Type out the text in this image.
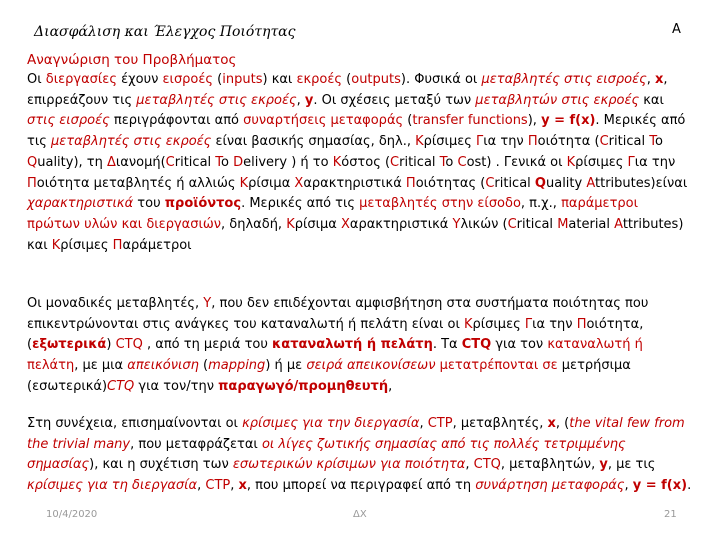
Διασφάλιση και Έλεγχος Ποιότητας	A
Αναγνώριση του Προβλήματος
Οι διεργασίες έχουν εισροές (inputs) και εκροές (outputs). Φυσικά οι μεταβλητές στις εισροές, x, επιρρεάζουν τις μεταβλητές στις εκροές, y. Οι σχέσεις μεταξύ των μεταβλητών στις εκροές και στις εισροές περιγράφονται από συναρτήσεις μεταφοράς (transfer functions), y = f(x). Μερικές από τις μεταβλητές στις εκροές είναι βασικής σημασίας, δηλ., Κρίσιμες Για την Ποιότητα (Critical To Quality), τη Διανομή(Critical To Delivery ) ή το Κόστος (Critical To Cost) . Γενικά οι Κρίσιμες Για την Ποιότητα μεταβλητές ή αλλιώς Κρίσιμα Χαρακτηριστικά Ποιότητας (Critical Quality Attributes)είναι χαρακτηριστικά του προϊόντος. Μερικές από τις μεταβλητές στην είσοδο, π.χ., παράμετροι πρώτων υλών και διεργασιών, δηλαδή, Κρίσιμα Χαρακτηριστικά Υλικών (Critical Material Attributes) και Κρίσιμες Παράμετροι
Οι μοναδικές μεταβλητές, Y, που δεν επιδέχονται αμφισβήτηση στα συστήματα ποιότητας που επικεντρώνονται στις ανάγκες του καταναλωτή ή πελάτη είναι οι Κρίσιμες Για την Ποιότητα, (εξωτερικά) CTQ , από τη μεριά του καταναλωτή ή πελάτη. Τα CTQ για τον καταναλωτή ή πελάτη, με μια απεικόνιση (mapping) ή με σειρά απεικονίσεων μετατρέπονται σε μετρήσιμα (εσωτερικά)CTQ για τον/την παραγωγό/προμηθευτή,
Στη συνέχεια, επισημαίνονται οι κρίσιμες για την διεργασία, CTP, μεταβλητές, x, (the vital few from the trivial many, που μεταφράζεται οι λίγες ζωτικής σημασίας από τις πολλές τετριμμένης σημασίας), και η συχέτιση των εσωτερικών κρίσιμων για ποιότητα, CTQ, μεταβλητών, y, με τις κρίσιμες για τη διεργασία, CTP, x, που μπορεί να περιγραφεί από τη συνάρτηση μεταφοράς, y = f(x).
10/4/2020	ΔΧ	21
